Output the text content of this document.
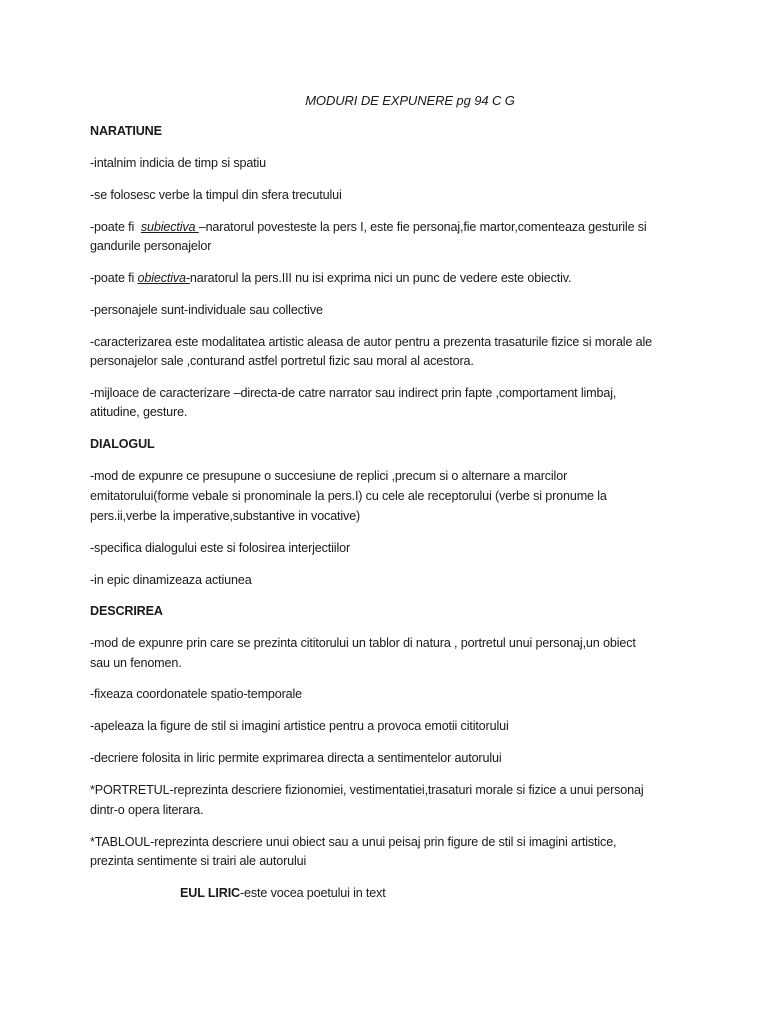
MODURI DE EXPUNERE pg 94 C G
NARATIUNE
-intalnim indicia de timp si spatiu
-se folosesc verbe la timpul din sfera trecutului
-poate fi  subiectiva –naratorul povesteste la pers I, este fie personaj,fie martor,comenteaza gesturile si
gandurile personajelor
-poate fi obiectiva-naratorul la pers.III nu isi exprima nici un punc de vedere este obiectiv.
-personajele sunt-individuale sau collective
-caracterizarea este modalitatea artistic aleasa de autor pentru a prezenta trasaturile fizice si morale ale
personajelor sale ,conturand astfel portretul fizic sau moral al acestora.
-mijloace de caracterizare –directa-de catre narrator sau indirect prin fapte ,comportament limbaj,
atitudine, gesture.
DIALOGUL
-mod de expunre ce presupune o succesiune de replici ,precum si o alternare a marcilor
emitatorului(forme vebale si pronominale la pers.I) cu cele ale receptorului (verbe si pronume la
pers.ii,verbe la imperative,substantive in vocative)
-specifica dialogului este si folosirea interjectiilor
-in epic dinamizeaza actiunea
DESCRIREA
-mod de expunre prin care se prezinta cititorului un tablor di natura , portretul unui personaj,un obiect
sau un fenomen.
-fixeaza coordonatele spatio-temporale
-apeleaza la figure de stil si imagini artistice pentru a provoca emotii cititorului
-decriere folosita in liric permite exprimarea directa a sentimentelor autorului
*PORTRETUL-reprezinta descriere fizionomiei, vestimentatiei,trasaturi morale si fizice a unui personaj
dintr-o opera literara.
*TABLOUL-reprezinta descriere unui obiect sau a unui peisaj prin figure de stil si imagini artistice,
prezinta sentimente si trairi ale autorului
EUL LIRIC-este vocea poetului in text
